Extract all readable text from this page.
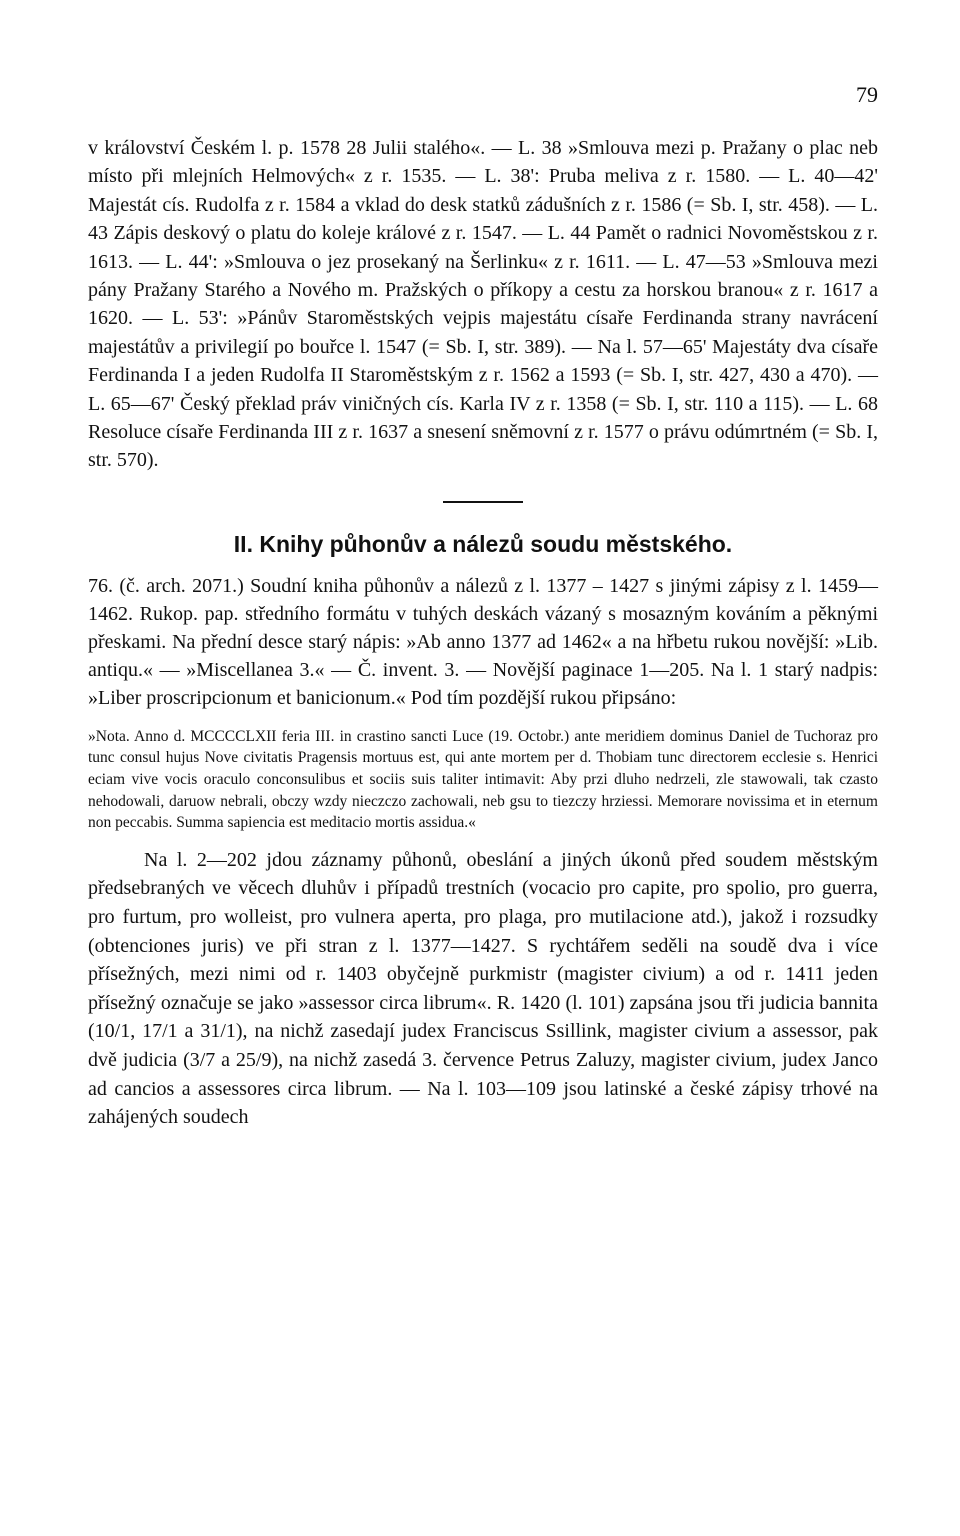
79

v království Českém l. p. 1578 28 Julii stalého«. — L. 38 »Smlouva mezi p. Pražany o plac neb místo při mlejních Helmových« z r. 1535. — L. 38': Pruba meliva z r. 1580. — L. 40—42' Majestát cís. Rudolfa z r. 1584 a vklad do desk statků zádušních z r. 1586 (= Sb. I, str. 458). — L. 43 Zápis deskový o platu do koleje králové z r. 1547. — L. 44 Pamět o radnici Novoměstskou z r. 1613. — L. 44': »Smlouva o jez prosekaný na Šerlinku« z r. 1611. — L. 47—53 »Smlouva mezi pány Pražany Starého a Nového m. Pražských o příkopy a cestu za horskou branou« z r. 1617 a 1620. — L. 53': »Pánův Staroměstských vejpis majestátu císaře Ferdinanda strany navrácení majestátův a privilegií po bouřce l. 1547 (= Sb. I, str. 389). — Na l. 57—65' Majestáty dva císaře Ferdinanda I a jeden Rudolfa II Staroměstským z r. 1562 a 1593 (= Sb. I, str. 427, 430 a 470). — L. 65—67' Český překlad práv viničných cís. Karla IV z r. 1358 (= Sb. I, str. 110 a 115). — L. 68 Resoluce císaře Ferdinanda III z r. 1637 a snesení sněmovní z r. 1577 o právu odúmrtném (= Sb. I, str. 570).

II. Knihy půhonův a nálezů soudu městského.

76. (č. arch. 2071.) Soudní kniha půhonův a nálezů z l. 1377 – 1427 s jinými zápisy z l. 1459—1462. Rukop. pap. středního formátu v tuhých deskách vázaný s mosazným kováním a pěknými přeskami. Na přední desce starý nápis: »Ab anno 1377 ad 1462« a na hřbetu rukou novější: »Lib. antiqu.« — »Miscellanea 3.« — Č. invent. 3. — Novější paginace 1—205. Na l. 1 starý nadpis: »Liber proscripcionum et banicionum.« Pod tím pozdější rukou připsáno:

»Nota. Anno d. MCCCCLXII feria III. in crastino sancti Luce (19. Octobr.) ante meridiem dominus Daniel de Tuchoraz pro tunc consul hujus Nove civitatis Pragensis mortuus est, qui ante mortem per d. Thobiam tunc directorem ecclesie s. Henrici eciam vive vocis oraculo conconsulibus et sociis suis taliter intimavit: Aby przi dluho nedrzeli, zle stawowali, tak czasto nehodowali, daruow nebrali, obczy wzdy nieczczo zachowali, neb gsu to tiezczy hrziessi. Memorare novissima et in eternum non peccabis. Summa sapiencia est meditacio mortis assidua.«

Na l. 2—202 jdou záznamy půhonů, obeslání a jiných úkonů před soudem městským předsebraných ve věcech dluhův i případů trestních (vocacio pro capite, pro spolio, pro guerra, pro furtum, pro wolleist, pro vulnera aperta, pro plaga, pro mutilacione atd.), jakož i rozsudky (obtenciones juris) ve při stran z l. 1377—1427. S rychtářem seděli na soudě dva i více přísežných, mezi nimi od r. 1403 obyčejně purkmistr (magister civium) a od r. 1411 jeden přísežný označuje se jako »assessor circa librum«. R. 1420 (l. 101) zapsána jsou tři judicia bannita (10/1, 17/1 a 31/1), na nichž zasedají judex Franciscus Ssillink, magister civium a assessor, pak dvě judicia (3/7 a 25/9), na nichž zasedá 3. července Petrus Zaluzy, magister civium, judex Janco ad cancios a assessores circa librum. — Na l. 103—109 jsou latinské a české zápisy trhové na zahájených soudech
